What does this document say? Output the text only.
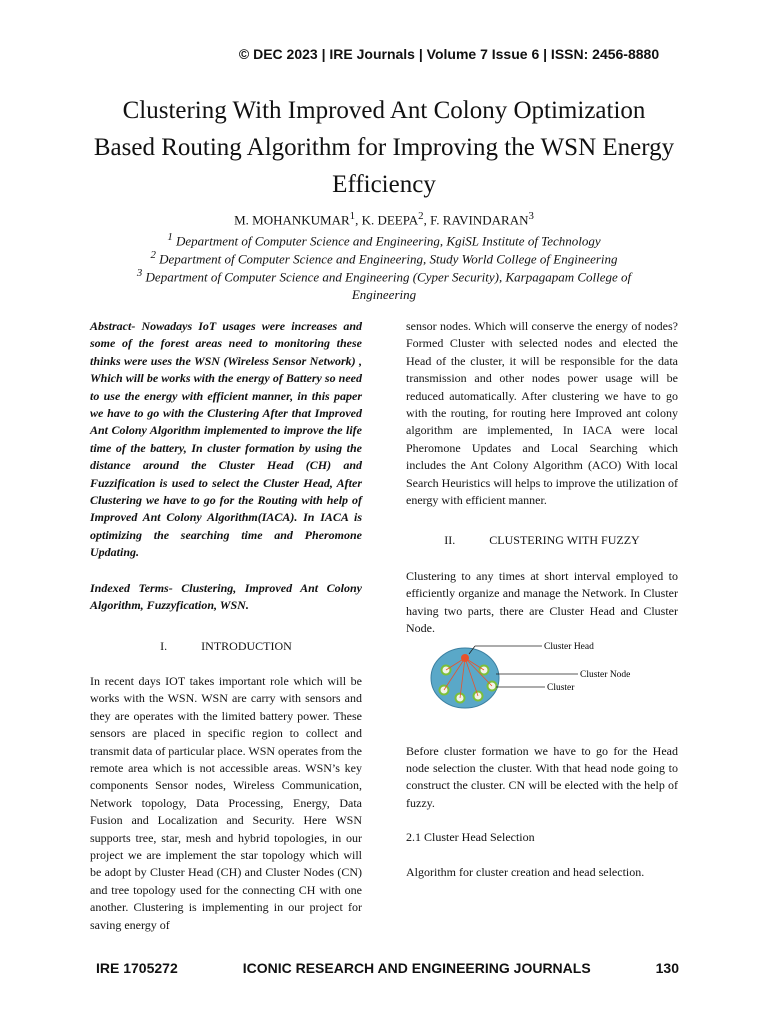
© DEC 2023 | IRE Journals | Volume 7 Issue 6 | ISSN: 2456-8880
Clustering With Improved Ant Colony Optimization
Based Routing Algorithm for Improving the WSN Energy
Efficiency
M. MOHANKUMAR$^1$, K. DEEPA$^2$, F. RAVINDARAN$^3$
$^1$ Department of Computer Science and Engineering, KgiSL Institute of Technology
$^2$ Department of Computer Science and Engineering, Study World College of Engineering
$^3$ Department of Computer Science and Engineering (Cyper Security), Karpagapam College of Engineering

Abstract- Nowadays IoT usages were increases and some of the forest areas need to monitoring these thinks were uses the WSN (Wireless Sensor Network) , Which will be works with the energy of Battery so need to use the energy with efficient manner, in this paper we have to go with the Clustering After that Improved Ant Colony Algorithm implemented to improve the life time of the battery, In cluster formation by using the distance around the Cluster Head (CH) and Fuzzification is used to select the Cluster Head, After Clustering we have to go for the Routing with help of Improved Ant Colony Algorithm(IACA). In IACA is optimizing the searching time and Pheromone Updating.

Indexed Terms- Clustering, Improved Ant Colony Algorithm, Fuzzyfication, WSN.

I.	INTRODUCTION

In recent days IOT takes important role which will be works with the WSN. WSN are carry with sensors and they are operates with the limited battery power. These sensors are placed in specific region to collect and transmit data of particular place. WSN operates from the remote area which is not accessible areas. WSN’s key components Sensor nodes, Wireless Communication, Network topology, Data Processing, Energy, Data Fusion and Localization and Security. Here WSN supports tree, star, mesh and hybrid topologies, in our project we are implement the star topology which will be adopt by Cluster Head (CH) and Cluster Nodes (CN) and tree topology used for the connecting CH with one another. Clustering is implementing in our project for saving energy of

sensor nodes. Which will conserve the energy of nodes? Formed Cluster with selected nodes and elected the Head of the cluster, it will be responsible for the data transmission and other nodes power usage will be reduced automatically. After clustering we have to go with the routing, for routing here Improved ant colony algorithm are implemented, In IACA were local Pheromone Updates and Local Searching which includes the Ant Colony Algorithm (ACO) With local Search Heuristics will helps to improve the utilization of energy with efficient manner.

II.	CLUSTERING WITH FUZZY

Clustering to any times at short interval employed to efficiently organize and manage the Network. In Cluster having two parts, there are Cluster Head and Cluster Node.

Before cluster formation we have to go for the Head node selection the cluster. With that head node going to construct the cluster. CN will be elected with the help of fuzzy.

2.1 Cluster Head Selection

Algorithm for cluster creation and head selection.

Cluster Head
Cluster Node
Cluster
IRE 1705272	ICONIC RESEARCH AND ENGINEERING JOURNALS	130
